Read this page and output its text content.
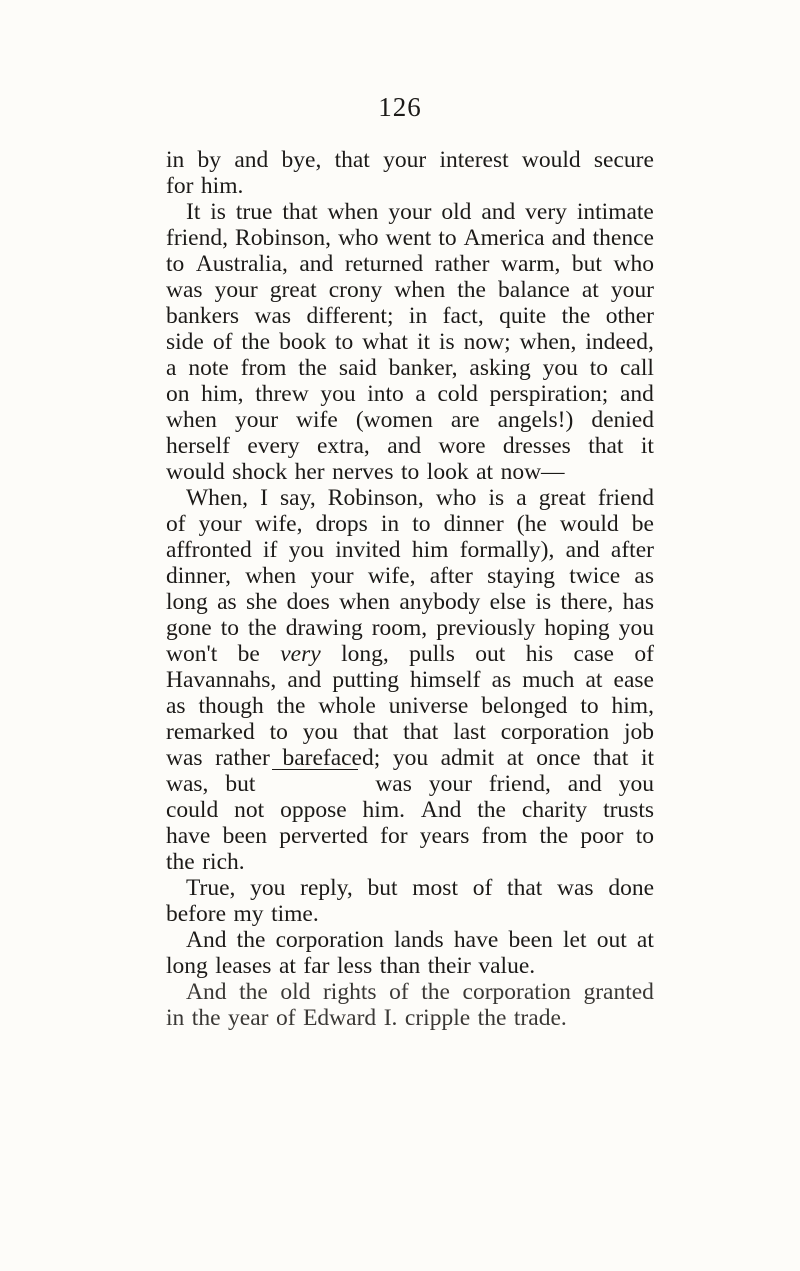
126
in by and bye, that your interest would secure
for him.
It is true that when your old and very intimate
friend, Robinson, who went to America and thence
to Australia, and returned rather warm, but who
was your great crony when the balance at your
bankers was different; in fact, quite the other
side of the book to what it is now; when, indeed,
a note from the said banker, asking you to call
on him, threw you into a cold perspiration; and
when your wife (women are angels!) denied
herself every extra, and wore dresses that it
would shock her nerves to look at now—
When, I say, Robinson, who is a great friend
of your wife, drops in to dinner (he would be
affronted if you invited him formally), and after
dinner, when your wife, after staying twice as
long as she does when anybody else is there, has
gone to the drawing room, previously hoping you
won't be very long, pulls out his case of
Havannahs, and putting himself as much at ease
as though the whole universe belonged to him,
remarked to you that that last corporation job
was rather barefaced; you admit at once that it
was, but	was your friend, and you
could not oppose him. And the charity trusts
have been perverted for years from the poor to
the rich.
True, you reply, but most of that was done
before my time.
And the corporation lands have been let out at
long leases at far less than their value.
And the old rights of the corporation granted
in the year of Edward I. cripple the trade.
